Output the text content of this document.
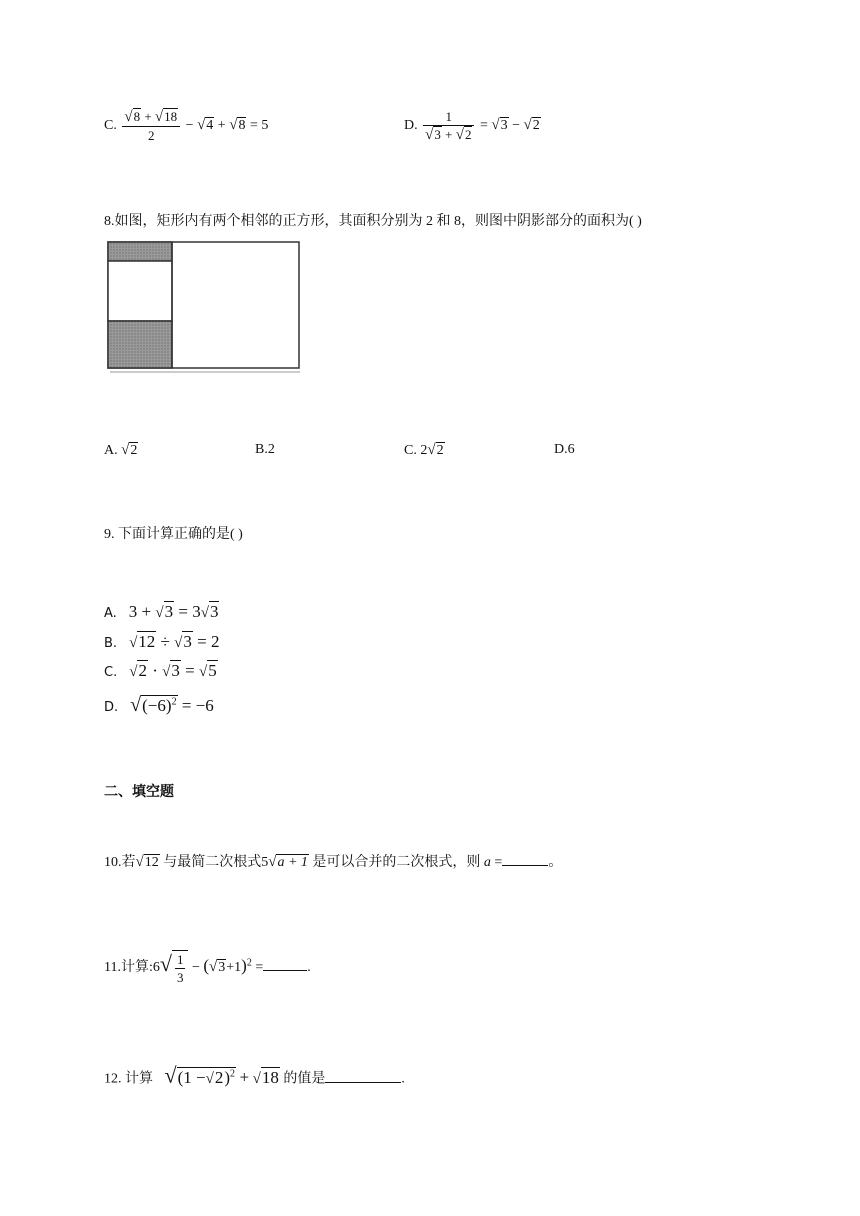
C. $\frac{√8 + √18}{2} - √4 + √8 = 5$	D. $\frac{1}{√3 + √2} = √3 - √2$
8.如图，矩形内有两个相邻的正方形，其面积分别为 2 和 8，则图中阴影部分的面积为( )
A. √2	B.2	C. 2√2	D.6
9. 下面计算正确的是( )
A. 3 + √3 = 3√3
B. √12 ÷ √3 = 2
C. √2 · √3 = √5
D. $√(-6)^2 = -6$
二、填空题
10.若√12 与最简二次根式5√a + 1 是可以合并的二次根式，则 a =	。
11.计算:6√ $\frac{1}{3} - (√3+1)^2$ =	.
12. 计算 $√(1 -√2)^2 + √18$ 的值是	.
